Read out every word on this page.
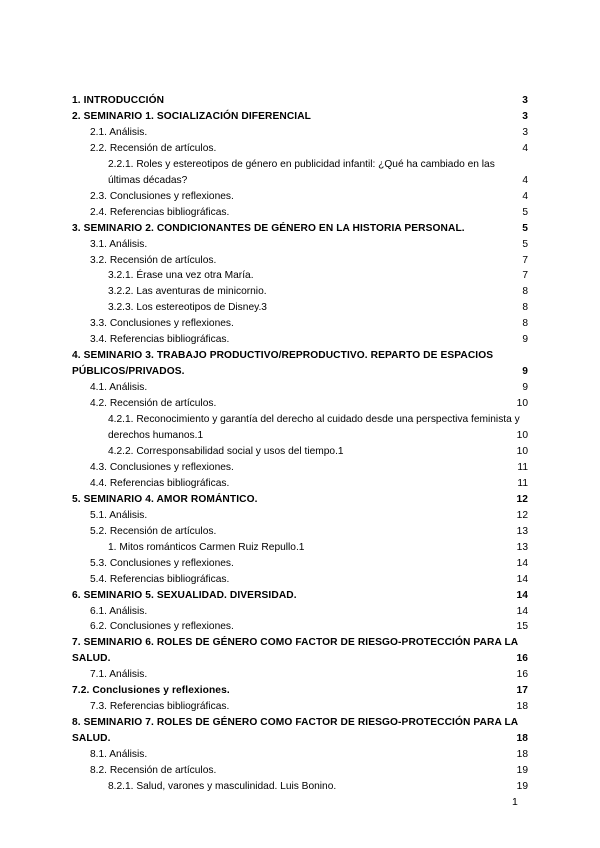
1. INTRODUCCIÓN	3
2. SEMINARIO 1. SOCIALIZACIÓN DIFERENCIAL	3
2.1. Análisis.	3
2.2. Recensión de artículos.	4
2.2.1. Roles y estereotipos de género en publicidad infantil: ¿Qué ha cambiado en las últimas décadas?	4
2.3. Conclusiones y reflexiones.	4
2.4. Referencias bibliográficas.	5
3. SEMINARIO 2. CONDICIONANTES DE GÉNERO EN LA HISTORIA PERSONAL.	5
3.1. Análisis.	5
3.2. Recensión de artículos.	7
3.2.1. Érase una vez otra María.	7
3.2.2. Las aventuras de minicornio.	8
3.2.3. Los estereotipos de Disney.3	8
3.3. Conclusiones y reflexiones.	8
3.4. Referencias bibliográficas.	9
4. SEMINARIO 3. TRABAJO PRODUCTIVO/REPRODUCTIVO. REPARTO DE ESPACIOS PÚBLICOS/PRIVADOS.	9
4.1. Análisis.	9
4.2. Recensión de artículos.	10
4.2.1. Reconocimiento y garantía del derecho al cuidado desde una perspectiva feminista y derechos humanos.1	10
4.2.2. Corresponsabilidad social y usos del tiempo.1	10
4.3. Conclusiones y reflexiones.	11
4.4. Referencias bibliográficas.	11
5. SEMINARIO 4. AMOR ROMÁNTICO.	12
5.1. Análisis.	12
5.2. Recensión de artículos.	13
1. Mitos románticos Carmen Ruiz Repullo.1	13
5.3. Conclusiones y reflexiones.	14
5.4. Referencias bibliográficas.	14
6. SEMINARIO 5. SEXUALIDAD. DIVERSIDAD.	14
6.1. Análisis.	14
6.2. Conclusiones y reflexiones.	15
7. SEMINARIO 6. ROLES DE GÉNERO COMO FACTOR DE RIESGO-PROTECCIÓN PARA LA SALUD.	16
7.1. Análisis.	16
7.2. Conclusiones y reflexiones.	17
7.3. Referencias bibliográficas.	18
8. SEMINARIO 7. ROLES DE GÉNERO COMO FACTOR DE RIESGO-PROTECCIÓN PARA LA SALUD.	18
8.1. Análisis.	18
8.2. Recensión de artículos.	19
8.2.1. Salud, varones y masculinidad. Luis Bonino.	19
1
